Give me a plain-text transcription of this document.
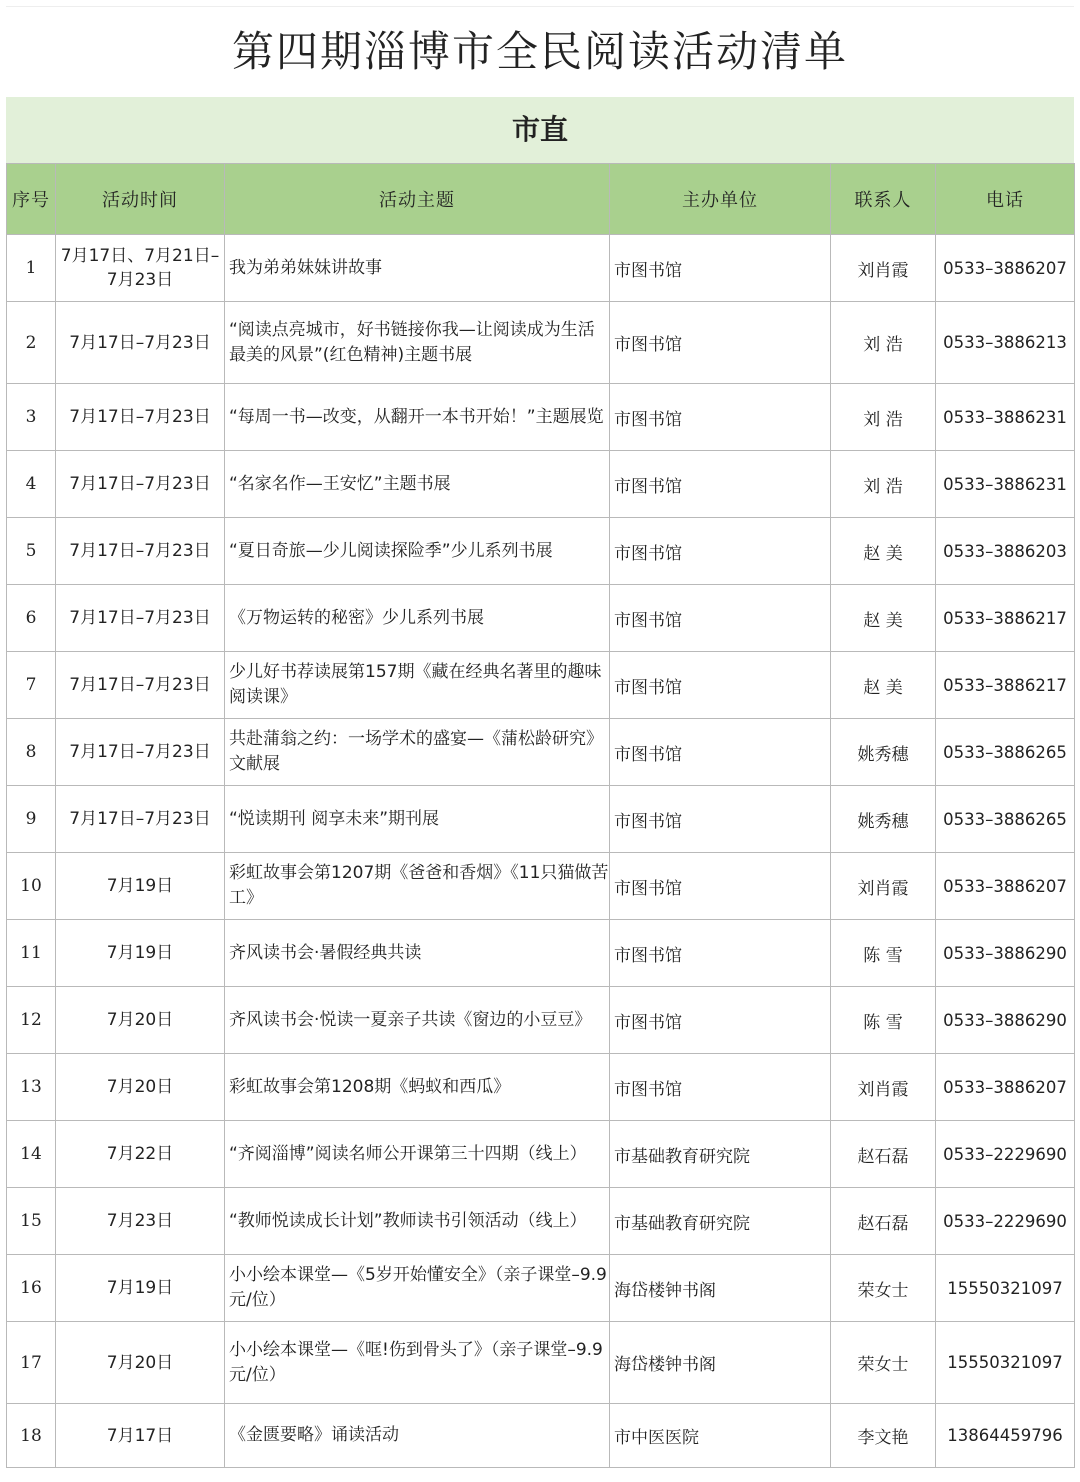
第四期淄博市全民阅读活动清单
市直
序号	活动时间	活动主题	主办单位	联系人	电话
1	7月17日、7月21日–7月23日	我为弟弟妹妹讲故事	市图书馆	刘肖霞	0533–3886207
2	7月17日–7月23日	“阅读点亮城市，好书链接你我—让阅读成为生活最美的风景”(红色精神)主题书展	市图书馆	刘 浩	0533–3886213
3	7月17日–7月23日	“每周一书—改变，从翻开一本书开始！”主题展览	市图书馆	刘 浩	0533–3886231
4	7月17日–7月23日	“名家名作—王安忆”主题书展	市图书馆	刘 浩	0533–3886231
5	7月17日–7月23日	“夏日奇旅—少儿阅读探险季”少儿系列书展	市图书馆	赵 美	0533–3886203
6	7月17日–7月23日	《万物运转的秘密》少儿系列书展	市图书馆	赵 美	0533–3886217
7	7月17日–7月23日	少儿好书荐读展第157期《藏在经典名著里的趣味阅读课》	市图书馆	赵 美	0533–3886217
8	7月17日–7月23日	共赴蒲翁之约：一场学术的盛宴—《蒲松龄研究》文献展	市图书馆	姚秀穗	0533–3886265
9	7月17日–7月23日	“悦读期刊 阅享未来”期刊展	市图书馆	姚秀穗	0533–3886265
10	7月19日	彩虹故事会第1207期《爸爸和香烟》《11只猫做苦工》	市图书馆	刘肖霞	0533–3886207
11	7月19日	齐风读书会·暑假经典共读	市图书馆	陈 雪	0533–3886290
12	7月20日	齐风读书会·悦读一夏亲子共读《窗边的小豆豆》	市图书馆	陈 雪	0533–3886290
13	7月20日	彩虹故事会第1208期《蚂蚁和西瓜》	市图书馆	刘肖霞	0533–3886207
14	7月22日	“齐阅淄博”阅读名师公开课第三十四期（线上）	市基础教育研究院	赵石磊	0533–2229690
15	7月23日	“教师悦读成长计划”教师读书引领活动（线上）	市基础教育研究院	赵石磊	0533–2229690
16	7月19日	小小绘本课堂—《5岁开始懂安全》（亲子课堂–9.9元/位）	海岱楼钟书阁	荣女士	15550321097
17	7月20日	小小绘本课堂—《哐!伤到骨头了》（亲子课堂–9.9元/位）	海岱楼钟书阁	荣女士	15550321097
18	7月17日	《金匮要略》诵读活动	市中医医院	李文艳	13864459796
